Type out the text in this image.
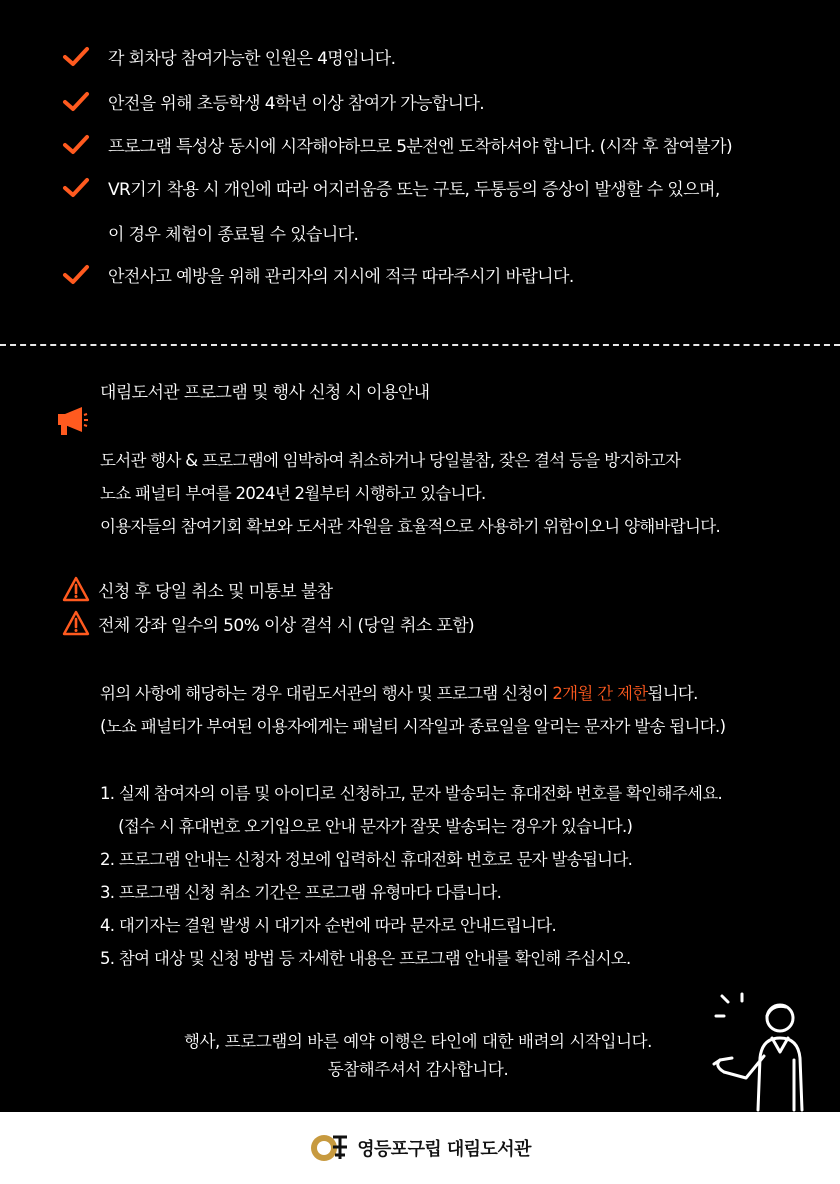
각 회차당 참여가능한 인원은 4명입니다.
안전을 위해 초등학생 4학년 이상 참여가 가능합니다.
프로그램 특성상 동시에 시작해야하므로 5분전엔 도착하셔야 합니다. (시작 후 참여불가)
VR기기 착용 시 개인에 따라 어지러움증 또는 구토, 두통등의 증상이 발생할 수 있으며,
이 경우 체험이 종료될 수 있습니다.
안전사고 예방을 위해 관리자의 지시에 적극 따라주시기 바랍니다.
대림도서관 프로그램 및 행사 신청 시 이용안내
도서관 행사 & 프로그램에 임박하여 취소하거나 당일불참, 잦은 결석 등을 방지하고자
노쇼 패널티 부여를 2024년 2월부터 시행하고 있습니다.
이용자들의 참여기회 확보와 도서관 자원을 효율적으로 사용하기 위함이오니 양해바랍니다.
신청 후 당일 취소 및 미통보 불참
전체 강좌 일수의 50% 이상 결석 시 (당일 취소 포함)
위의 사항에 해당하는 경우 대림도서관의 행사 및 프로그램 신청이 2개월 간 제한됩니다.
(노쇼 패널티가 부여된 이용자에게는 패널티 시작일과 종료일을 알리는 문자가 발송 됩니다.)
1. 실제 참여자의 이름 및 아이디로 신청하고, 문자 발송되는 휴대전화 번호를 확인해주세요.
(접수 시 휴대번호 오기입으로 안내 문자가 잘못 발송되는 경우가 있습니다.)
2. 프로그램 안내는 신청자 정보에 입력하신 휴대전화 번호로 문자 발송됩니다.
3. 프로그램 신청 취소 기간은 프로그램 유형마다 다릅니다.
4. 대기자는 결원 발생 시 대기자 순번에 따라 문자로 안내드립니다.
5. 참여 대상 및 신청 방법 등 자세한 내용은 프로그램 안내를 확인해 주십시오.
행사, 프로그램의 바른 예약 이행은 타인에 대한 배려의 시작입니다.
동참해주셔서 감사합니다.
영등포구립 대림도서관
